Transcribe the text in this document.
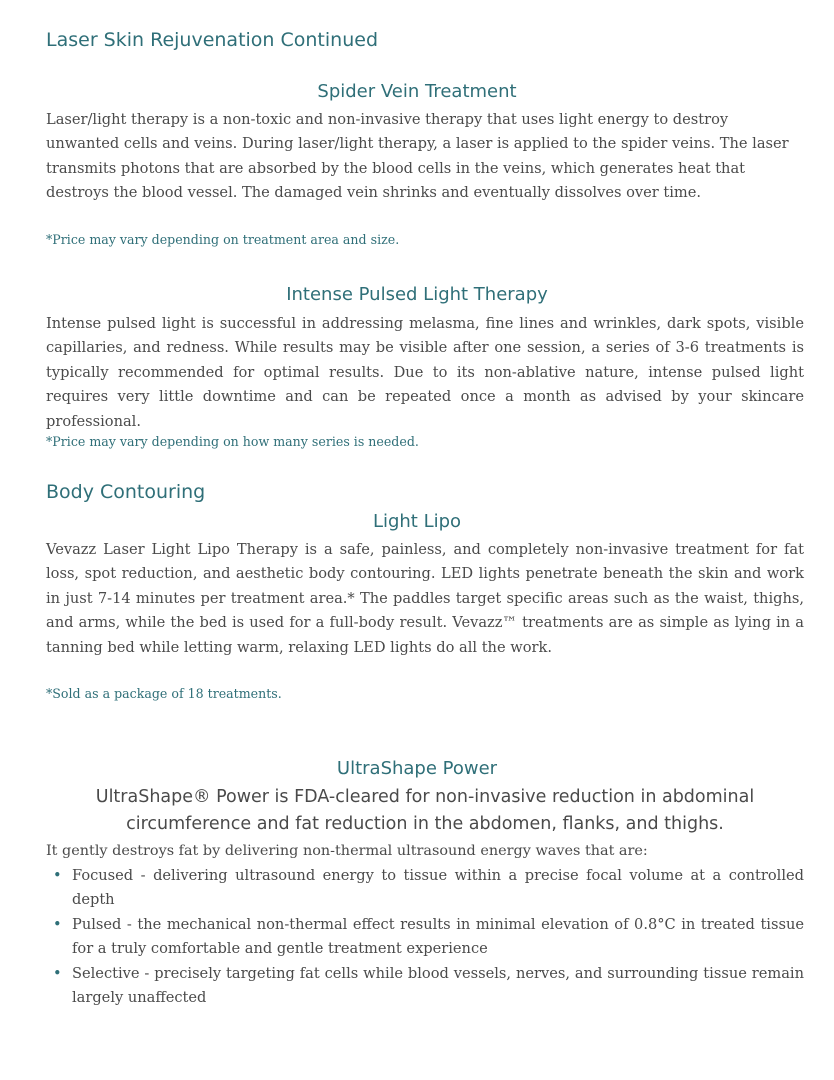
Laser Skin Rejuvenation Continued
Spider Vein Treatment
Laser/light therapy is a non-toxic and non-invasive therapy that uses light energy to destroy unwanted cells and veins. During laser/light therapy, a laser is applied to the spider veins. The laser transmits photons that are absorbed by the blood cells in the veins, which generates heat that destroys the blood vessel. The damaged vein shrinks and eventually dissolves over time.
*Price may vary depending on treatment area and size.
Intense Pulsed Light Therapy
Intense pulsed light is successful in addressing melasma, fine lines and wrinkles, dark spots, visible capillaries, and redness. While results may be visible after one session, a series of 3-6 treatments is typically recommended for optimal results. Due to its non-ablative nature, intense pulsed light requires very little downtime and can be repeated once a month as advised by your skincare professional.
*Price may vary depending on how many series is needed.
Body Contouring
Light Lipo
Vevazz Laser Light Lipo Therapy is a safe, painless, and completely non-invasive treatment for fat loss, spot reduction, and aesthetic body contouring. LED lights penetrate beneath the skin and work in just 7-14 minutes per treatment area.* The paddles target specific areas such as the waist, thighs, and arms, while the bed is used for a full-body result. Vevazz™ treatments are as simple as lying in a tanning bed while letting warm, relaxing LED lights do all the work.
*Sold as a package of 18 treatments.
UltraShape Power
UltraShape® Power is FDA-cleared for non-invasive reduction in abdominal circumference and fat reduction in the abdomen, flanks, and thighs.
It gently destroys fat by delivering non-thermal ultrasound energy waves that are:
• Focused - delivering ultrasound energy to tissue within a precise focal volume at a controlled depth
• Pulsed - the mechanical non-thermal effect results in minimal elevation of 0.8°C in treated tissue for a truly comfortable and gentle treatment experience
• Selective - precisely targeting fat cells while blood vessels, nerves, and surrounding tissue remain largely unaffected
